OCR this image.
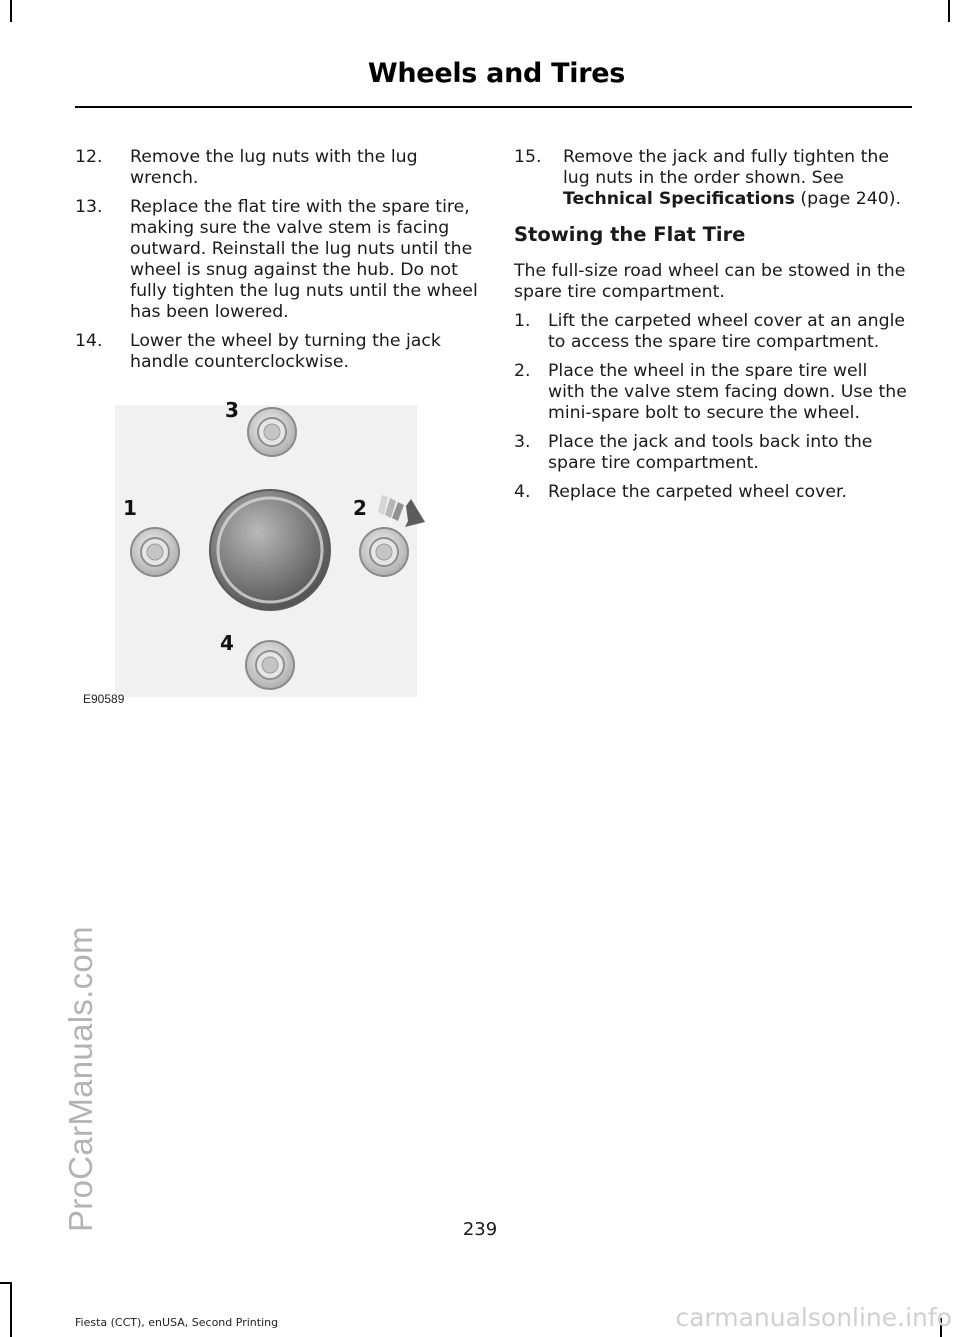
ProCarManuals.com
Wheels and Tires
12. Remove the lug nuts with the lug wrench.
13. Replace the flat tire with the spare tire, making sure the valve stem is facing outward. Reinstall the lug nuts until the wheel is snug against the hub. Do not fully tighten the lug nuts until the wheel has been lowered.
14. Lower the wheel by turning the jack handle counterclockwise.
3
1	2
4
E90589
15. Remove the jack and fully tighten the lug nuts in the order shown. See Technical Specifications (page 240).
Stowing the Flat Tire

The full-size road wheel can be stowed in the spare tire compartment.

1. Lift the carpeted wheel cover at an angle to access the spare tire compartment.
2. Place the wheel in the spare tire well with the valve stem facing down. Use the mini-spare bolt to secure the wheel.
3. Place the jack and tools back into the spare tire compartment.
4. Replace the carpeted wheel cover.
239
Fiesta (CCT), enUSA, Second Printing	carmanualsonline.info
